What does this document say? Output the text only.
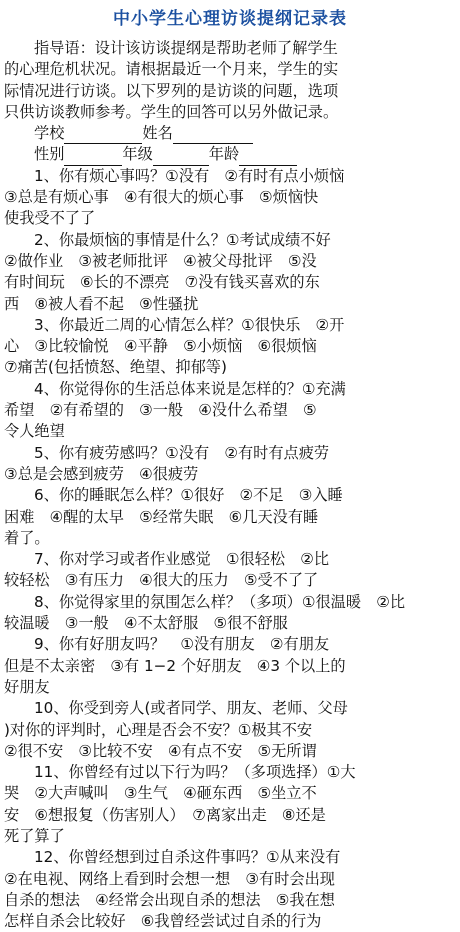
中小学生心理访谈提纲记录表
指导语：设计该访谈提纲是帮助老师了解学生
的心理危机状况。请根据最近一个月来，学生的实
际情况进行访谈。以下罗列的是访谈的问题，选项
只供访谈教师参考。学生的回答可以另外做记录。
学校	姓名
性别	年级	年龄
1、你有烦心事吗？①没有　②有时有点小烦恼
③总是有烦心事　④有很大的烦心事　⑤烦恼快
使我受不了了
2、你最烦恼的事情是什么？①考试成绩不好
②做作业　③被老师批评　④被父母批评　⑤没
有时间玩　⑥长的不漂亮　⑦没有钱买喜欢的东
西　⑧被人看不起　⑨性骚扰
3、你最近二周的心情怎么样？①很快乐　②开
心　③比较愉悦　④平静　⑤小烦恼　⑥很烦恼
⑦痛苦(包括愤怒、绝望、抑郁等)
4、你觉得你的生活总体来说是怎样的？①充满
希望　②有希望的　③一般　④没什么希望　⑤
令人绝望
5、你有疲劳感吗？①没有　②有时有点疲劳
③总是会感到疲劳　④很疲劳
6、你的睡眠怎么样？①很好　②不足　③入睡
困难　④醒的太早　⑤经常失眠　⑥几天没有睡
着了。
7、你对学习或者作业感觉　①很轻松　②比
较轻松　③有压力　④很大的压力　⑤受不了了
8、你觉得家里的氛围怎么样？（多项）①很温暖　②比
较温暖　③一般　④不太舒服　⑤很不舒服
9、你有好朋友吗？　①没有朋友　②有朋友
但是不太亲密　③有 1−2 个好朋友　④3 个以上的
好朋友
10、你受到旁人(或者同学、朋友、老师、父母
)对你的评判时，心理是否会不安？①极其不安
②很不安　③比较不安　④有点不安　⑤无所谓
11、你曾经有过以下行为吗？（多项选择）①大
哭　②大声喊叫　③生气　④砸东西　⑤坐立不
安　⑥想报复（伤害别人）　⑦离家出走　⑧还是
死了算了
12、你曾经想到过自杀这件事吗？①从来没有
②在电视、网络上看到时会想一想　③有时会出现
自杀的想法　④经常会出现自杀的想法　⑤我在想
怎样自杀会比较好　⑥我曾经尝试过自杀的行为
